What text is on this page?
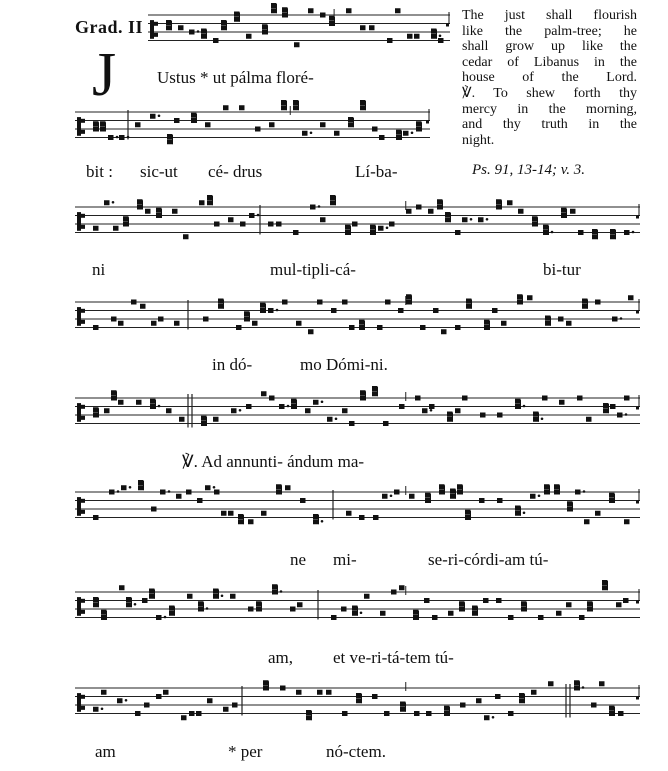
Grad. II
J
The just shall flourish
like the palm-tree; he
shall grow up like the
cedar of Libanus in the
house of the Lord.
℣. To shew forth thy
mercy in the morning,
and thy truth in the
night.
Ps. 91, 13-14; v. 3.
Ustus * ut pálma floré-
bit : sic-ut cé- drus	Lí-ba-
ni	mul-tipli-cá-	bi-tur
in dó-	mo Dómi-ni.
℣. Ad annunti- ándum ma-
ne mi-	se-ri-córdi-am tú-
am, et ve-ri-tá-tem tú-
am	* per	nó-ctem.
